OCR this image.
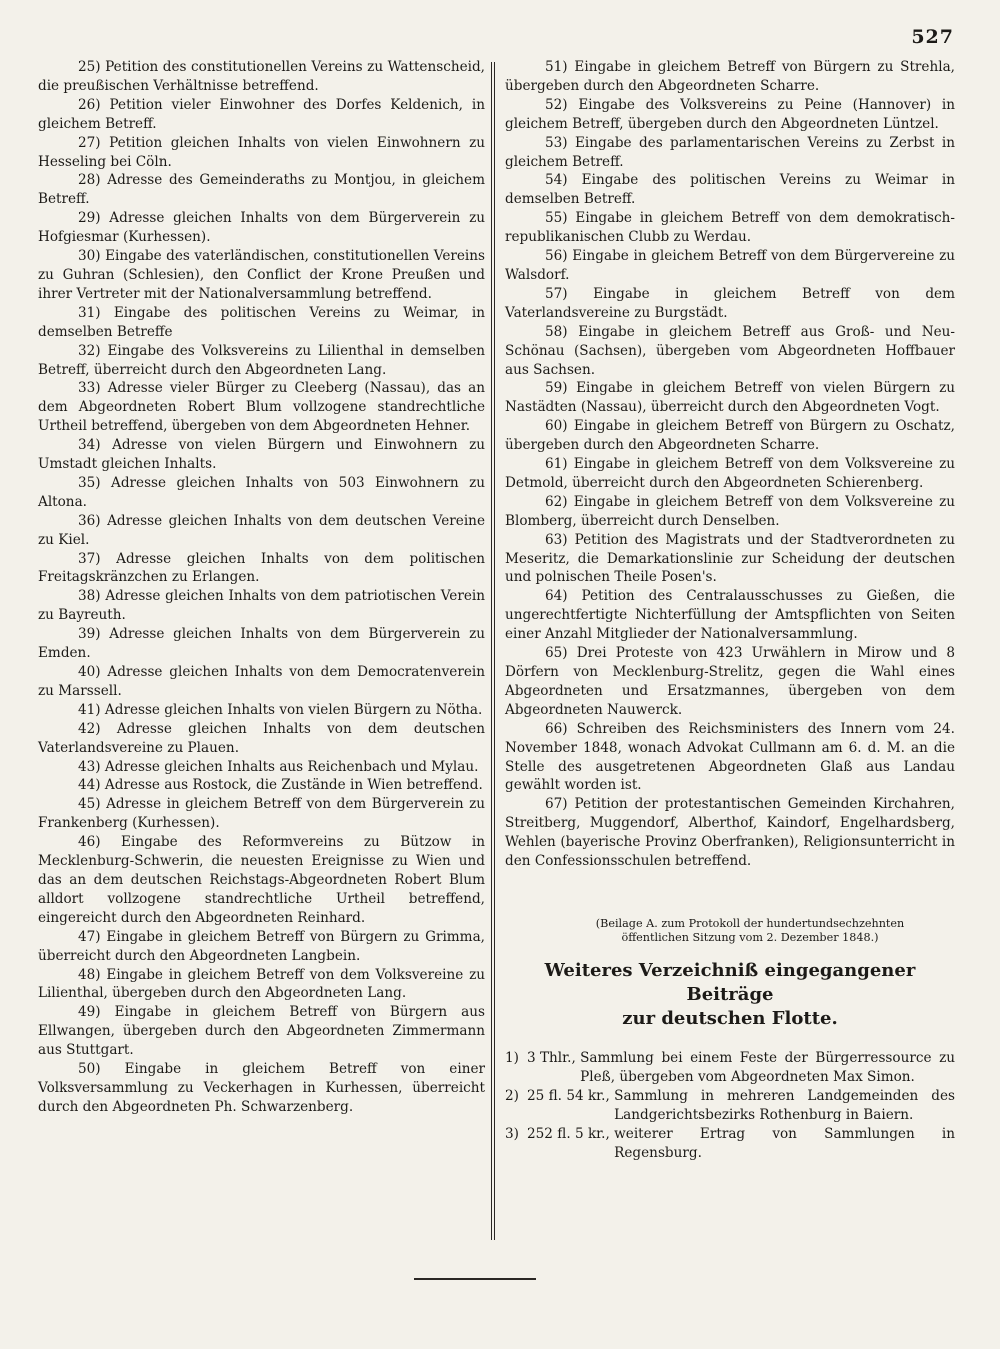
527

25) Petition des constitutionellen Vereins zu Wattenscheid, die preußischen Verhältnisse betreffend.

26) Petition vieler Einwohner des Dorfes Keldenich, in gleichem Betreff.

27) Petition gleichen Inhalts von vielen Einwohnern zu Hesseling bei Cöln.

28) Adresse des Gemeinderaths zu Montjou, in gleichem Betreff.

29) Adresse gleichen Inhalts von dem Bürgerverein zu Hofgiesmar (Kurhessen).

30) Eingabe des vaterländischen, constitutionellen Vereins zu Guhran (Schlesien), den Conflict der Krone Preußen und ihrer Vertreter mit der Nationalversammlung betreffend.

31) Eingabe des politischen Vereins zu Weimar, in demselben Betreffe

32) Eingabe des Volksvereins zu Lilienthal in demselben Betreff, überreicht durch den Abgeordneten Lang.

33) Adresse vieler Bürger zu Cleeberg (Nassau), das an dem Abgeordneten Robert Blum vollzogene standrechtliche Urtheil betreffend, übergeben von dem Abgeordneten Hehner.

34) Adresse von vielen Bürgern und Einwohnern zu Umstadt gleichen Inhalts.

35) Adresse gleichen Inhalts von 503 Einwohnern zu Altona.

36) Adresse gleichen Inhalts von dem deutschen Vereine zu Kiel.

37) Adresse gleichen Inhalts von dem politischen Freitagskränzchen zu Erlangen.

38) Adresse gleichen Inhalts von dem patriotischen Verein zu Bayreuth.

39) Adresse gleichen Inhalts von dem Bürgerverein zu Emden.

40) Adresse gleichen Inhalts von dem Democratenverein zu Marssell.

41) Adresse gleichen Inhalts von vielen Bürgern zu Nötha.

42) Adresse gleichen Inhalts von dem deutschen Vaterlandsvereine zu Plauen.

43) Adresse gleichen Inhalts aus Reichenbach und Mylau.

44) Adresse aus Rostock, die Zustände in Wien betreffend.

45) Adresse in gleichem Betreff von dem Bürgerverein zu Frankenberg (Kurhessen).

46) Eingabe des Reformvereins zu Bützow in Mecklenburg-Schwerin, die neuesten Ereignisse zu Wien und das an dem deutschen Reichstags-Abgeordneten Robert Blum alldort vollzogene standrechtliche Urtheil betreffend, eingereicht durch den Abgeordneten Reinhard.

47) Eingabe in gleichem Betreff von Bürgern zu Grimma, überreicht durch den Abgeordneten Langbein.

48) Eingabe in gleichem Betreff von dem Volksvereine zu Lilienthal, übergeben durch den Abgeordneten Lang.

49) Eingabe in gleichem Betreff von Bürgern aus Ellwangen, übergeben durch den Abgeordneten Zimmermann aus Stuttgart.

50) Eingabe in gleichem Betreff von einer Volksversammlung zu Veckerhagen in Kurhessen, überreicht durch den Abgeordneten Ph. Schwarzenberg.

51) Eingabe in gleichem Betreff von Bürgern zu Strehla, übergeben durch den Abgeordneten Scharre.

52) Eingabe des Volksvereins zu Peine (Hannover) in gleichem Betreff, übergeben durch den Abgeordneten Lüntzel.

53) Eingabe des parlamentarischen Vereins zu Zerbst in gleichem Betreff.

54) Eingabe des politischen Vereins zu Weimar in demselben Betreff.

55) Eingabe in gleichem Betreff von dem demokratisch-republikanischen Clubb zu Werdau.

56) Eingabe in gleichem Betreff von dem Bürgervereine zu Walsdorf.

57) Eingabe in gleichem Betreff von dem Vaterlandsvereine zu Burgstädt.

58) Eingabe in gleichem Betreff aus Groß- und Neu-Schönau (Sachsen), übergeben vom Abgeordneten Hoffbauer aus Sachsen.

59) Eingabe in gleichem Betreff von vielen Bürgern zu Nastädten (Nassau), überreicht durch den Abgeordneten Vogt.

60) Eingabe in gleichem Betreff von Bürgern zu Oschatz, übergeben durch den Abgeordneten Scharre.

61) Eingabe in gleichem Betreff von dem Volksvereine zu Detmold, überreicht durch den Abgeordneten Schierenberg.

62) Eingabe in gleichem Betreff von dem Volksvereine zu Blomberg, überreicht durch Denselben.

63) Petition des Magistrats und der Stadtverordneten zu Meseritz, die Demarkationslinie zur Scheidung der deutschen und polnischen Theile Posen's.

64) Petition des Centralausschusses zu Gießen, die ungerechtfertigte Nichterfüllung der Amtspflichten von Seiten einer Anzahl Mitglieder der Nationalversammlung.

65) Drei Proteste von 423 Urwählern in Mirow und 8 Dörfern von Mecklenburg-Strelitz, gegen die Wahl eines Abgeordneten und Ersatzmannes, übergeben von dem Abgeordneten Nauwerck.

66) Schreiben des Reichsministers des Innern vom 24. November 1848, wonach Advokat Cullmann am 6. d. M. an die Stelle des ausgetretenen Abgeordneten Glaß aus Landau gewählt worden ist.

67) Petition der protestantischen Gemeinden Kirchahren, Streitberg, Muggendorf, Alberthof, Kaindorf, Engelhardsberg, Wehlen (bayerische Provinz Oberfranken), Religionsunterricht in den Confessionsschulen betreffend.

(Beilage A. zum Protokoll der hundertundsechzehnten
öffentlichen Sitzung vom 2. Dezember 1848.)
Weiteres Verzeichniß eingegangener Beiträge
zur deutschen Flotte.
1) 3 Thlr., Sammlung bei einem Feste der Bürgerressource zu Pleß, übergeben vom Abgeordneten Max Simon.
2) 25 fl. 54 kr., Sammlung in mehreren Landgemeinden des Landgerichtsbezirks Rothenburg in Baiern.
3) 252 fl. 5 kr., weiterer Ertrag von Sammlungen in Regensburg.
